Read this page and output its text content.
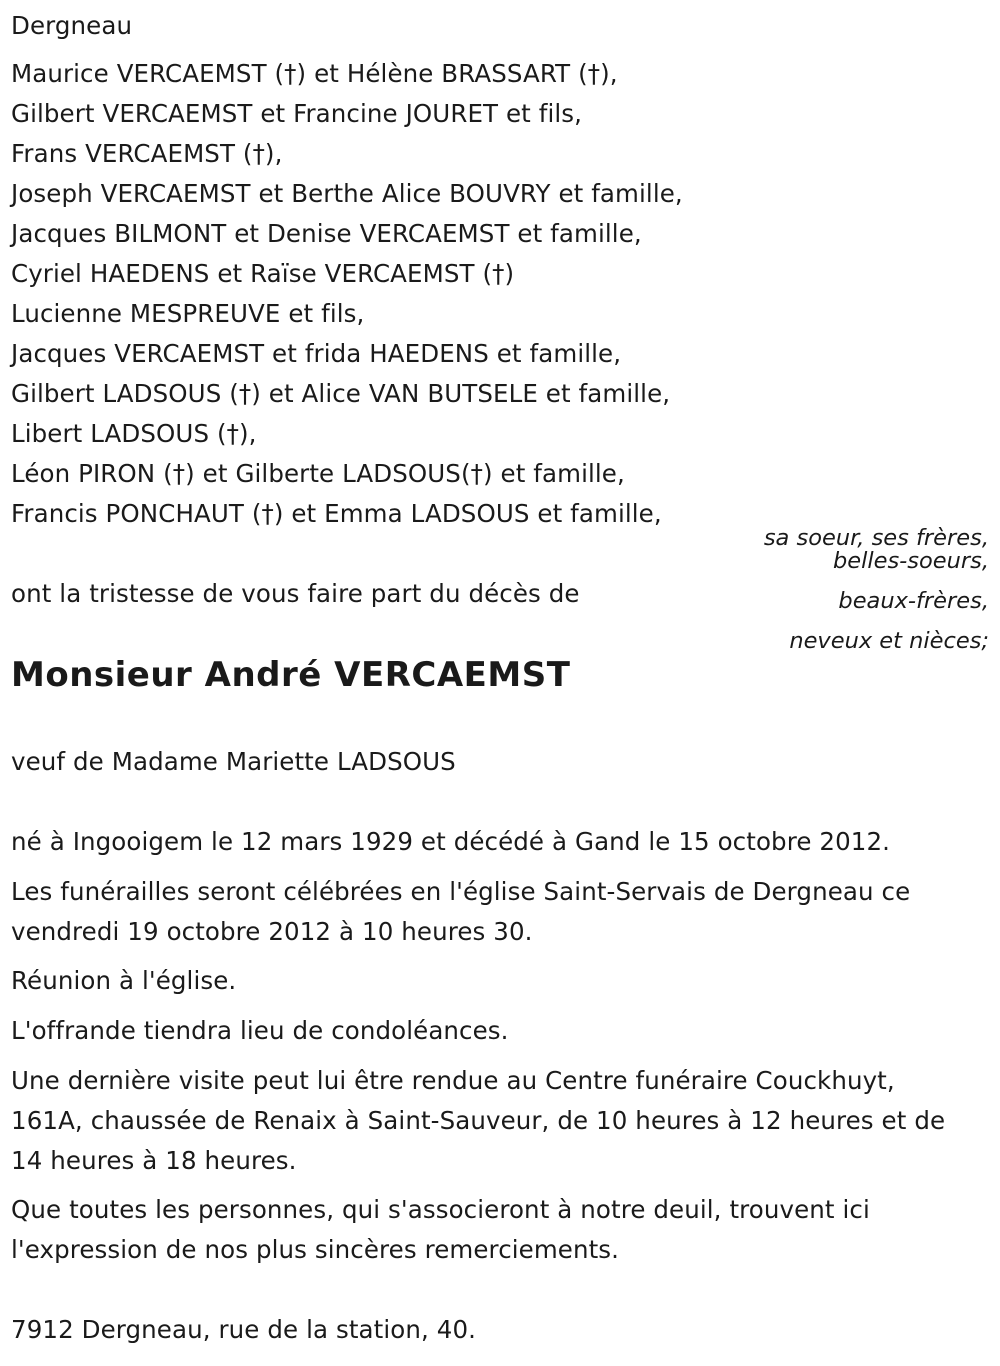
Dergneau
Maurice VERCAEMST (†) et Hélène BRASSART (†),
Gilbert VERCAEMST et Francine JOURET et fils,
Frans VERCAEMST (†),
Joseph VERCAEMST et Berthe Alice BOUVRY et famille,
Jacques BILMONT et Denise VERCAEMST et famille,
Cyriel HAEDENS et Raïse VERCAEMST (†)
Lucienne MESPREUVE et fils,
Jacques VERCAEMST et frida HAEDENS et famille,
Gilbert LADSOUS (†) et Alice VAN BUTSELE et famille,
Libert LADSOUS (†),
Léon PIRON (†) et Gilberte LADSOUS(†) et famille,
Francis PONCHAUT (†) et Emma LADSOUS et famille,
sa soeur, ses frères,
belles-soeurs,
beaux-frères,
neveux et nièces;
ont la tristesse de vous faire part du décès de
Monsieur André VERCAEMST
veuf de Madame Mariette LADSOUS
né à Ingooigem le 12 mars 1929 et décédé à Gand le 15 octobre 2012.
Les funérailles seront célébrées en l'église Saint-Servais de Dergneau ce
vendredi 19 octobre 2012 à 10 heures 30.
Réunion à l'église.
L'offrande tiendra lieu de condoléances.
Une dernière visite peut lui être rendue au Centre funéraire Couckhuyt,
161A, chaussée de Renaix à Saint-Sauveur, de 10 heures à 12 heures et de
14 heures à 18 heures.
Que toutes les personnes, qui s'associeront à notre deuil, trouvent ici
l'expression de nos plus sincères remerciements.
7912 Dergneau, rue de la station, 40.
